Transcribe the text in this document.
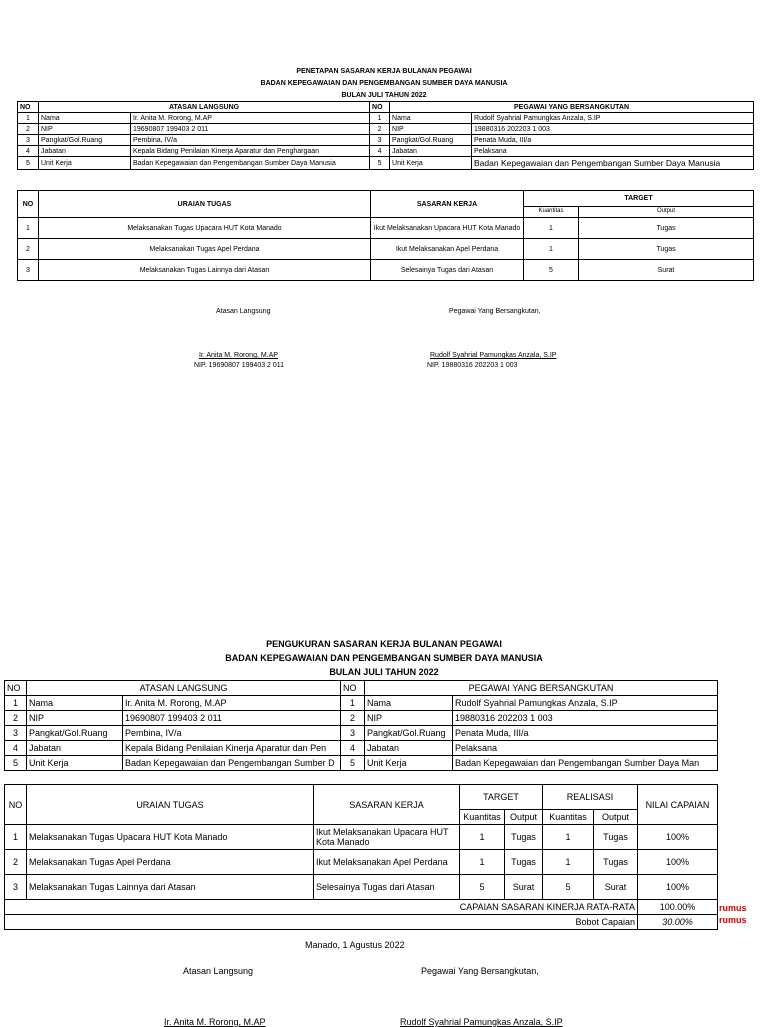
PENETAPAN SASARAN KERJA BULANAN PEGAWAI
BADAN KEPEGAWAIAN DAN PENGEMBANGAN SUMBER DAYA MANUSIA
BULAN JULI TAHUN 2022
NO	ATASAN LANGSUNG		NO	PEGAWAI YANG BERSANGKUTAN	
1	Nama	Ir. Anita M. Rorong, M.AP	1	Nama	Rudolf Syahrial Pamungkas Anzala, S.IP
2	NIP	19690807 199403 2 011	2	NIP	19880316 202203 1 003
3	Pangkat/Gol.Ruang	Pembina, IV/a	3	Pangkat/Gol.Ruang	Penata Muda, III/a
4	Jabatan	Kepala Bidang Penilaian Kinerja Aparatur dan Penghargaan	4	Jabatan	Pelaksana
5	Unit Kerja	Badan Kepegawaian dan Pengembangan Sumber Daya Manusia	5	Unit Kerja	Badan Kepegawaian dan Pengembangan Sumber Daya Manusia
NO	URAIAN TUGAS	SASARAN KERJA	TARGET	
			Kuantitas	Output
1	Melaksanakan Tugas Upacara HUT Kota Manado	Ikut Melaksanakan Upacara HUT Kota Manado	1	Tugas
2	Melaksanakan Tugas Apel Perdana	Ikut Melaksanakan Apel Perdana	1	Tugas
3	Melaksanakan Tugas Lainnya dari Atasan	Selesainya Tugas dari Atasan	5	Surat
Atasan Langsung	Pegawai Yang Bersangkutan,
Ir. Anita M. Rorong, M.AP
NIP. 19690807 199403 2 011
Rudolf Syahrial Pamungkas Anzala, S.IP
NIP. 19880316 202203 1 003
PENGUKURAN SASARAN KERJA BULANAN PEGAWAI
BADAN KEPEGAWAIAN DAN PENGEMBANGAN SUMBER DAYA MANUSIA
BULAN JULI TAHUN 2022
NO	ATASAN LANGSUNG		NO	PEGAWAI YANG BERSANGKUTAN	
1	Nama	Ir. Anita M. Rorong, M.AP	1	Nama	Rudolf Syahrial Pamungkas Anzala, S.IP
2	NIP	19690807 199403 2 011	2	NIP	19880316 202203 1 003
3	Pangkat/Gol.Ruang	Pembina, IV/a	3	Pangkat/Gol.Ruang	Penata Muda, III/a
4	Jabatan	Kepala Bidang Penilaian Kinerja Aparatur dan Pen	4	Jabatan	Pelaksana
5	Unit Kerja	Badan Kepegawaian dan Pengembangan Sumber D	5	Unit Kerja	Badan Kepegawaian dan Pengembangan Sumber Daya Man
NO	URAIAN TUGAS	SASARAN KERJA	TARGET		REALISASI		NILAI CAPAIAN
			Kuantitas	Output	Kuantitas	Output	
1	Melaksanakan Tugas Upacara HUT Kota Manado	Ikut Melaksanakan Upacara HUT Kota Manado	1	Tugas	1	Tugas	100%
2	Melaksanakan Tugas Apel Perdana	Ikut Melaksanakan Apel Perdana	1	Tugas	1	Tugas	100%
3	Melaksanakan Tugas Lainnya dari Atasan	Selesainya Tugas dari Atasan	5	Surat	5	Surat	100%
CAPAIAN SASARAN KINERJA RATA-RATA							100.00%
Bobot Capaian							30.00%
rumus
rumus
Manado, 1 Agustus 2022
Atasan Langsung	Pegawai Yang Bersangkutan,
Ir. Anita M. Rorong, M.AP	Rudolf Syahrial Pamungkas Anzala, S.IP
